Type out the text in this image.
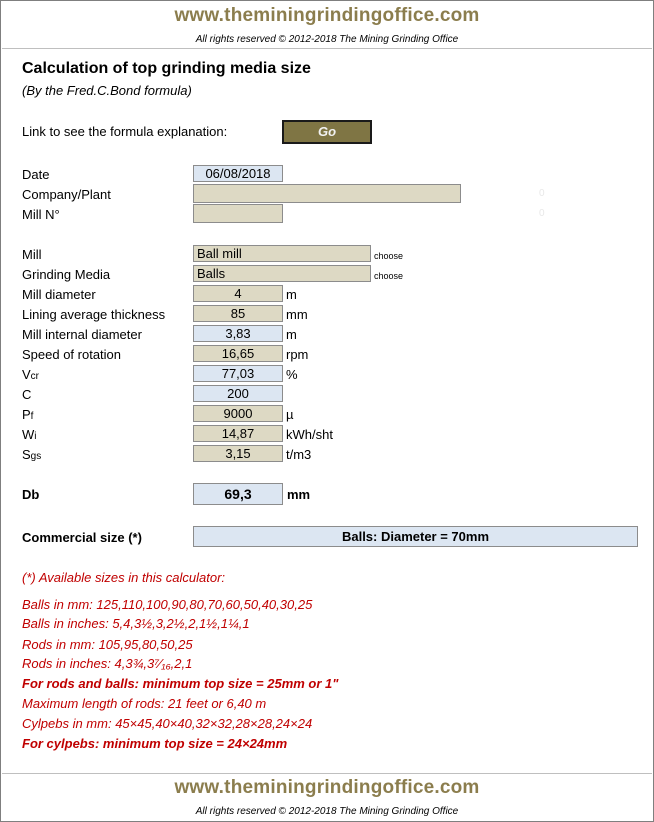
www.theminingrindingoffice.com
All rights reserved © 2012-2018 The Mining Grinding Office
Calculation of top grinding media size
(By the Fred.C.Bond formula)
Link to see the formula explanation:	Go
Date	06/08/2018
Company/Plant	0
Mill N°	0
Mill	Ball mill	choose
Grinding Media	Balls	choose
Mill diameter	4	m
Lining average thickness	85	mm
Mill internal diameter	3,83	m
Speed of rotation	16,65	rpm
Vcr	77,03	%
C	200
Pf	9000	µ
Wi	14,87	kWh/sht
Sgs	3,15	t/m3
Db	69,3	mm
Commercial size (*)	Balls: Diameter = 70mm
(*) Available sizes in this calculator:
Balls in mm: 125,110,100,90,80,70,60,50,40,30,25
Balls in inches: 5,4,3½,3,2½,2,1½,1¼,1
Rods in mm: 105,95,80,50,25
Rods in inches: 4,3¾,3⁷⁄₁₆,2,1
For rods and balls: minimum top size = 25mm or 1"
Maximum length of rods: 21 feet or 6,40 m
Cylpebs in mm: 45×45,40×40,32×32,28×28,24×24
For cylpebs: minimum top size = 24×24mm
www.theminingrindingoffice.com
All rights reserved © 2012-2018 The Mining Grinding Office
